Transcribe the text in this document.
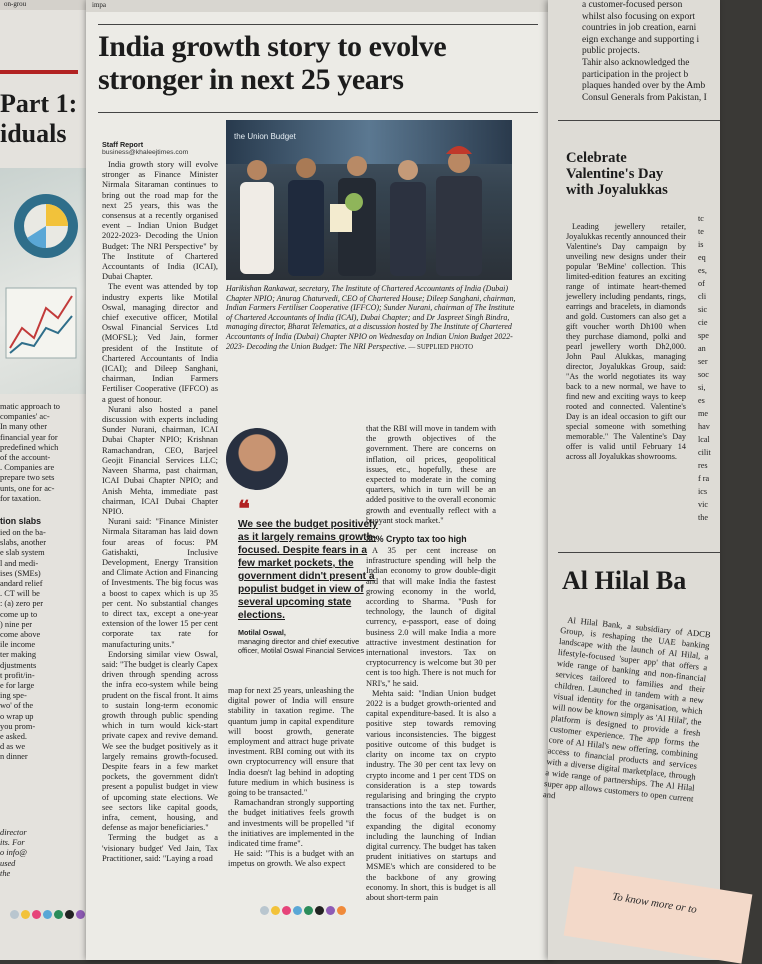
on-grou
Part 1:
iduals
matic approach to
companies' ac-
In many other
financial year for
predefined which
of the account-
. Companies are
prepare two sets
unts, one for ac-
for taxation.
tion slabs
ied on the ba-
slabs, another
e slab system
l and medi-
ises (SMEs)
andard relief
. CT will be
: (a) zero per
come up to
) nine per
come above
ile income
ter making
djustments
t profit/in-
e for large
ing spe-
wo' of the
o wrap up
you prom-
e asked.
d as we
n dinner
director
its. For
o info@
used
the
impa
India growth story to evolve
stronger in next 25 years
Staff Report
business@khaleejtimes.com

India growth story will evolve stronger as Finance Minister Nirmala Sitaraman continues to bring out the road map for the next 25 years, this was the consensus at a recently organised event – Indian Union Budget 2022-2023- Decoding the Union Budget: The NRI Perspective" by The Institute of Chartered Accountants of India (ICAI), Dubai Chapter.

The event was attended by top industry experts like Motilal Oswal, managing director and chief executive officer, Motilal Oswal Financial Services Ltd (MOFSL); Ved Jain, former president of the Institute of Chartered Accountants of India (ICAI); and Dileep Sanghani, chairman, Indian Farmers Fertiliser Cooperative (IFFCO) as a guest of honour.

Nurani also hosted a panel discussion with experts including Sunder Nurani, chairman, ICAI Dubai Chapter NPIO; Krishnan Ramachandran, CEO, Barjeel Geojit Financial Services LLC; Naveen Sharma, past chairman, ICAI Dubai Chapter NPIO; and Anish Mehta, immediate past chairman, ICAI Dubai Chapter NPIO.

Nurani said: "Finance Minister Nirmala Sitaraman has laid down four areas of focus: PM Gatishakti, Inclusive Development, Energy Transition and Climate Action and Financing of Investments. The big focus was a boost to capex which is up 35 per cent. No substantial changes to direct tax, except a one-year extension of the lower 15 per cent corporate tax rate for manufacturing units."

Endorsing similar view Oswal, said: "The budget is clearly Capex driven through spending across the infra eco-system while being prudent on the fiscal front. It aims to sustain long-term economic growth through public spending which in turn would kick-start private capex and revive demand. We see the budget positively as it largely remains growth-focused. Despite fears in a few market pockets, the government didn't present a populist budget in view of upcoming state elections. We see sectors like capital goods, infra, cement, housing, and defense as major beneficiaries."

Terming the budget as a 'visionary budget' Ved Jain, Tax Practitioner, said: "Laying a road

the Union Budget
Harikishan Rankawat, secretary, The Institute of Chartered Accountants of India (Dubai) Chapter NPIO; Anurag Chaturvedi, CEO of Chartered House; Dileep Sanghani, chairman, Indian Farmers Fertiliser Cooperative (IFFCO); Sunder Nurani, chairman of The Institute of Chartered Accountants of India (ICAI), Dubai Chapter; and Dr Jaspreet Singh Bindra, managing director, Bharat Telematics, at a discussion hosted by The Institute of Chartered Accountants of India (Dubai) Chapter NPIO on Wednesday on Indian Union Budget 2022-2023- Decoding the Union Budget: The NRI Perspective. — SUPPLIED PHOTO
❝
We see the budget positively as it largely remains growth-focused. Despite fears in a few market pockets, the government didn't present a populist budget in view of several upcoming state elections.
Motilal Oswal,
managing director and chief executive officer, Motilal Oswal Financial Services

map for next 25 years, unleashing the digital power of India will ensure stability in taxation regime. The quantum jump in capital expenditure will boost growth, generate employment and attract huge private investment. RBI coming out with its own cryptocurrency will ensure that India doesn't lag behind in adopting future medium in which business is going to be transacted."

Ramachandran strongly supporting the budget initiatives feels growth and investments will be propelled "if the initiatives are implemented in the indicated time frame".

He said: "This is a budget with an impetus on growth. We also expect

that the RBI will move in tandem with the growth objectives of the government. There are concerns on inflation, oil prices, geopolitical issues, etc., hopefully, these are expected to moderate in the coming quarters, which in turn will be an added positive to the overall economic growth and eventually reflect with a buoyant stock market."

30% Crypto tax too high

A 35 per cent increase on infrastructure spending will help the Indian economy to grow double-digit and that will make India the fastest growing economy in the world, according to Sharma. "Push for technology, the launch of digital currency, e-passport, ease of doing business 2.0 will make India a more attractive investment destination for international investors. Tax on cryptocurrency is welcome but 30 per cent is too high. There is not much for NRI's," he said.

Mehta said: "Indian Union budget 2022 is a budget growth-oriented and capital expenditure-based. It is also a positive step towards removing various inconsistencies. The biggest positive outcome of this budget is clarity on income tax on crypto industry. The 30 per cent tax levy on crypto income and 1 per cent TDS on consideration is a step towards regularising and bringing the crypto transactions into the tax net. Further, the focus of the budget is on expanding the digital economy including the launching of Indian digital currency. The budget has taken prudent initiatives on startups and MSME's which are considered to be the backbone of any growing economy. In short, this is budget is all about short-term pain

a customer-focused person
whilst also focusing on export
countries in job creation, earni
eign exchange and supporting i
public projects.
Tahir also acknowledged the
participation in the project b
plaques handed over by the Amb
Consul Generals from Pakistan, I
Celebrate
Valentine's Day
with Joyalukkas
Leading jewellery retailer, Joyalukkas recently announced their Valentine's Day campaign by unveiling new designs under their popular 'BeMine' collection. This limited-edition features an exciting range of intimate heart-themed jewellery including pendants, rings, earrings and bracelets, in diamonds and gold. Customers can also get a gift voucher worth Dh100 when they purchase diamond, polki and pearl jewellery worth Dh2,000. John Paul Alukkas, managing director, Joyalukkas Group, said: "As the world negotiates its way back to a new normal, we have to find new and exciting ways to keep rooted and connected. Valentine's Day is an ideal occasion to gift our special someone with something memorable." The Valentine's Day offer is valid until February 14 across all Joyalukkas showrooms.
tc
te
is
eq
es,
of
cli
sic
cie
spe
an
ser
soc
si,
es
me
hav
lcal
cilit
res
f ra
ics
vic
the
Al Hilal Ba
Al Hilal Bank, a subsidiary of ADCB Group, is reshaping the UAE banking landscape with the launch of Al Hilal, a lifestyle-focused 'super app' that offers a wide range of banking and non-financial services tailored to families and their children. Launched in tandem with a new visual identity for the organisation, which will now be known simply as 'Al Hilal', the platform is designed to provide a fresh customer experience. The app forms the core of Al Hilal's new offering, combining access to financial products and services with a diverse digital marketplace, through a wide range of partnerships. The Al Hilal super app allows customers to open current and
To know more or to
